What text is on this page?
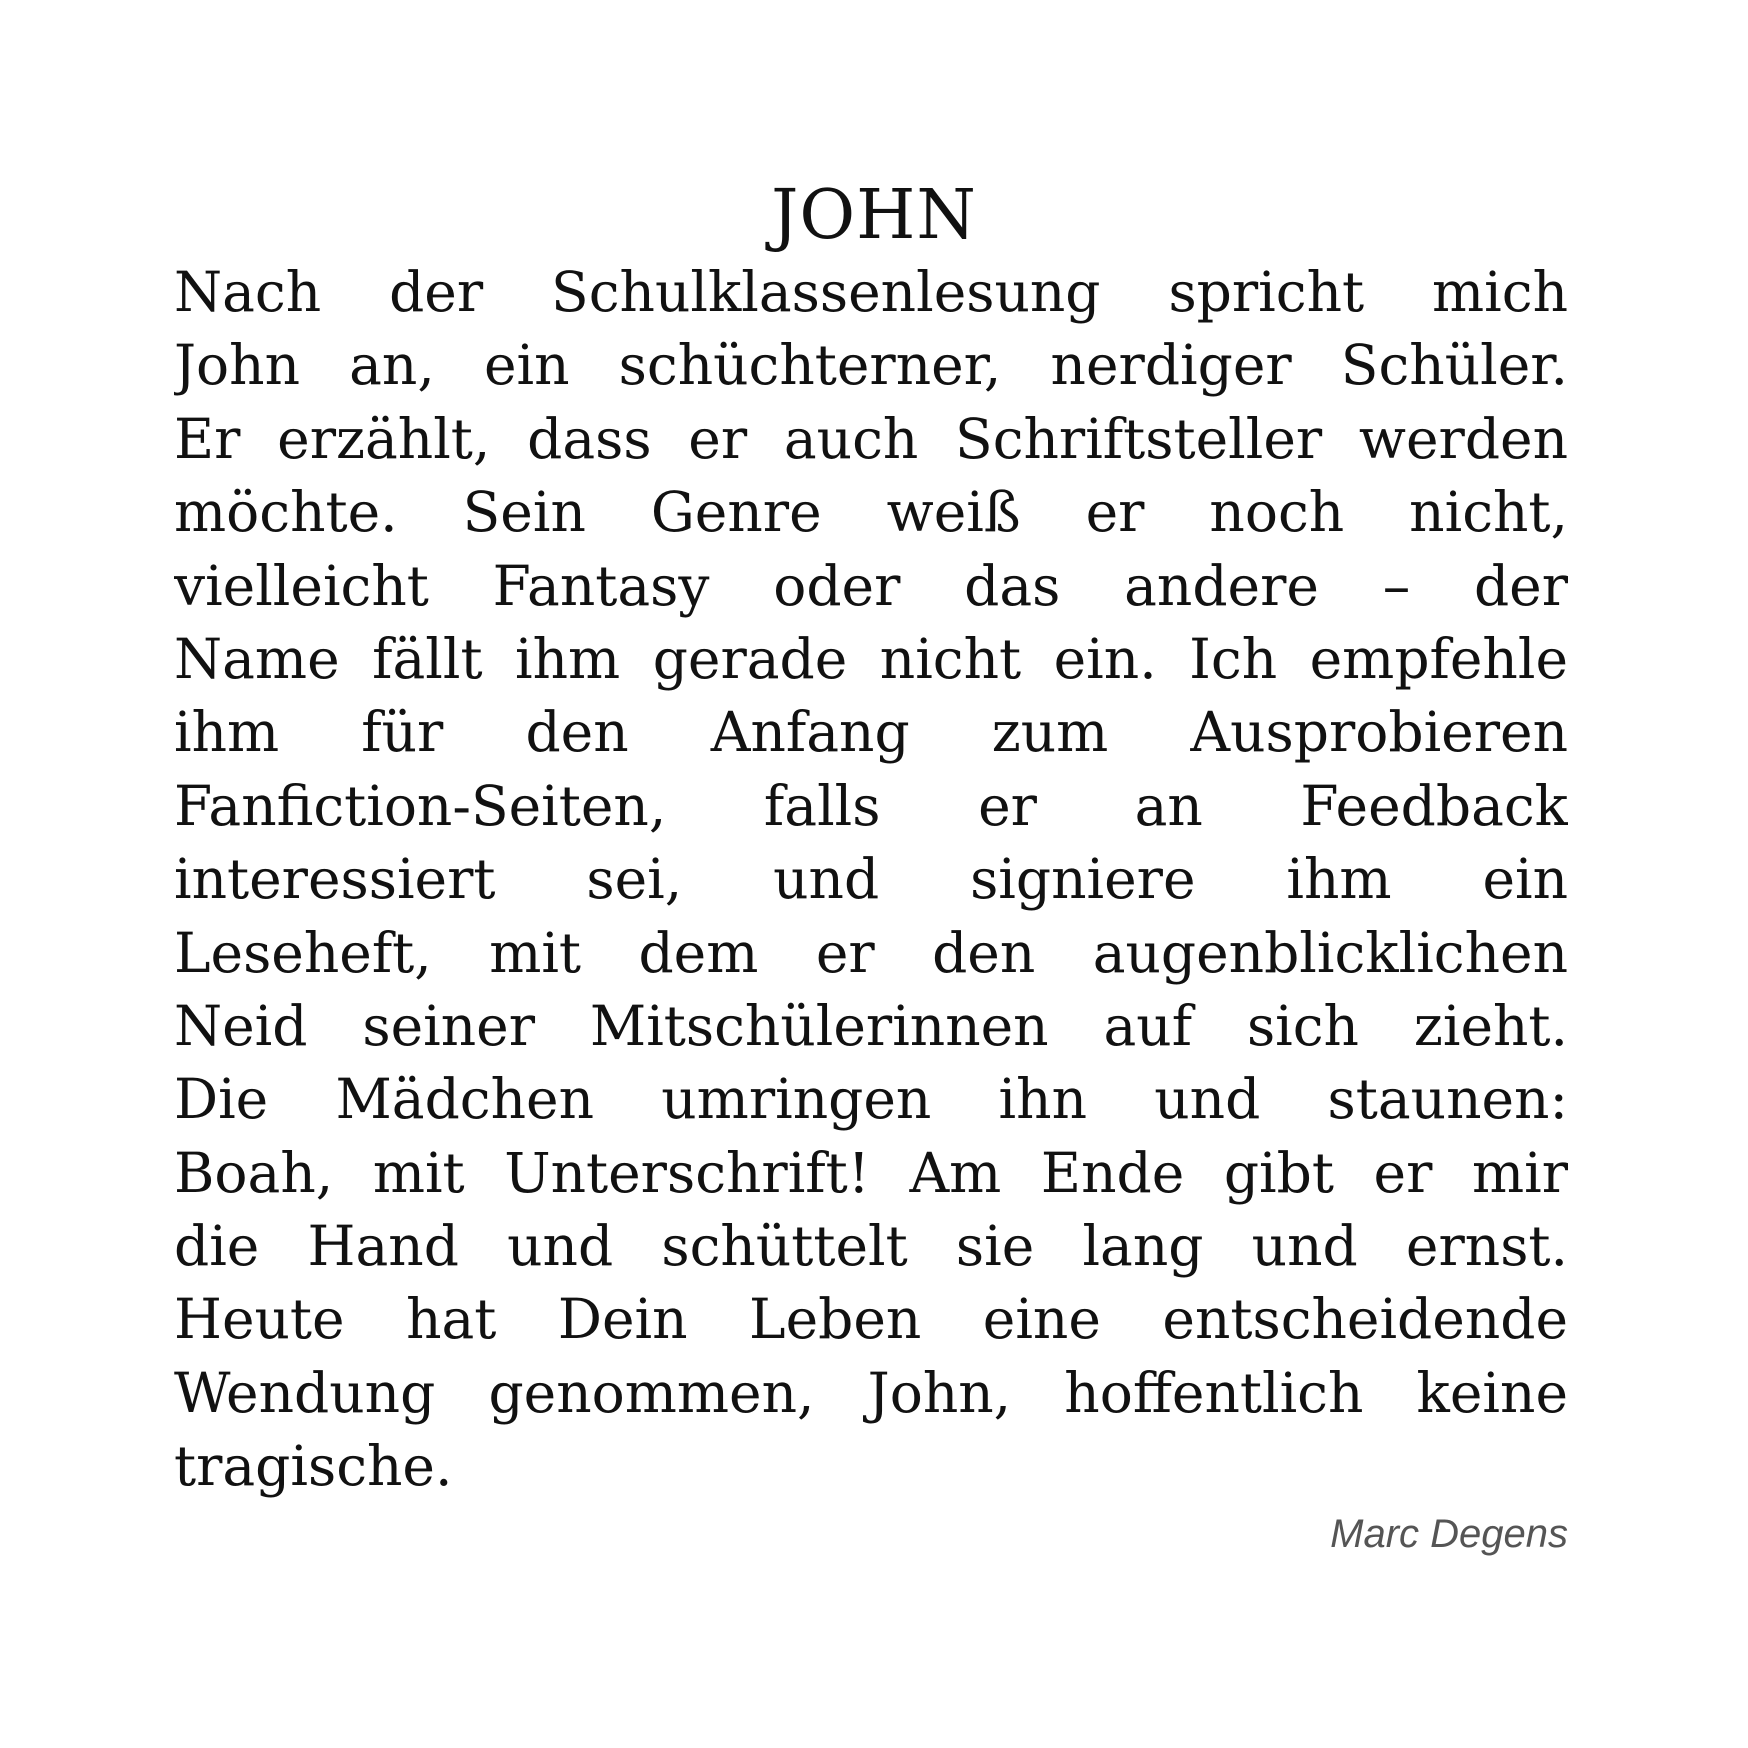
JOHN
Nach der Schulklassenlesung spricht mich
John an, ein schüchterner, nerdiger Schüler.
Er erzählt, dass er auch Schriftsteller werden
möchte. Sein Genre weiß er noch nicht,
vielleicht Fantasy oder das andere – der
Name fällt ihm gerade nicht ein. Ich empfehle
ihm für den Anfang zum Ausprobieren
Fanfiction-Seiten, falls er an Feedback
interessiert sei, und signiere ihm ein
Leseheft, mit dem er den augenblicklichen
Neid seiner Mitschülerinnen auf sich zieht.
Die Mädchen umringen ihn und staunen:
Boah, mit Unterschrift! Am Ende gibt er mir
die Hand und schüttelt sie lang und ernst.
Heute hat Dein Leben eine entscheidende
Wendung genommen, John, hoffentlich keine
tragische.
Marc Degens
